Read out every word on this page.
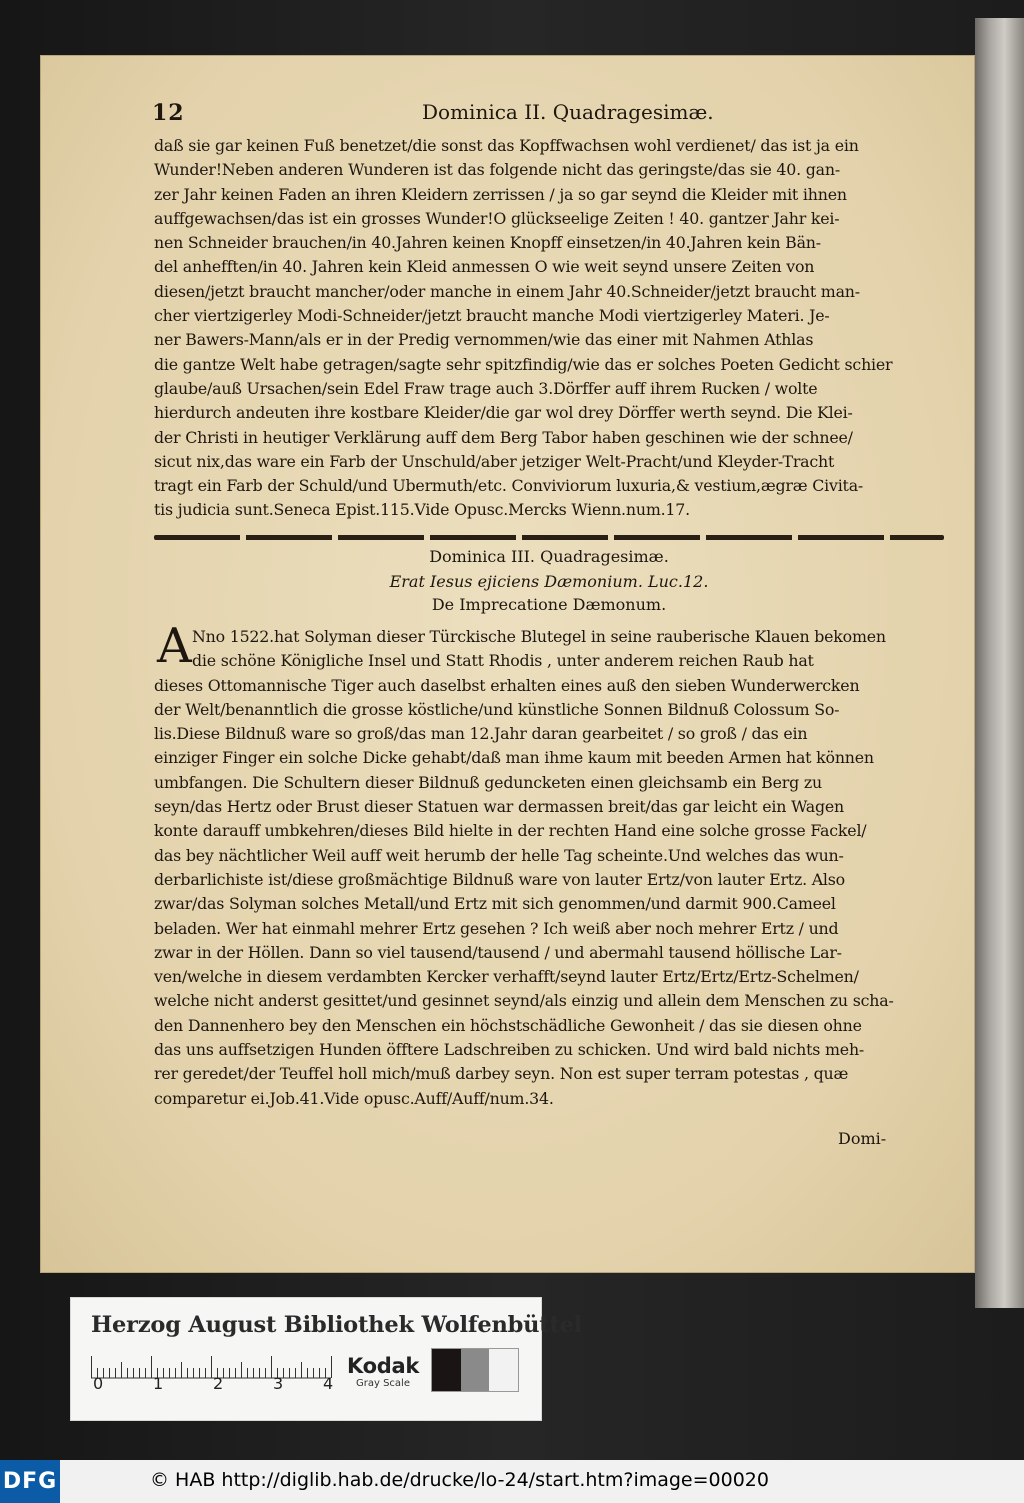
12	Dominica II. Quadragesimæ.
daß sie gar keinen Fuß benetzet/die sonst das Kopffwachsen wohl verdienet/ das ist ja ein
Wunder!Neben anderen Wunderen ist das folgende nicht das geringste/das sie 40. gan-
zer Jahr keinen Faden an ihren Kleidern zerrissen / ja so gar seynd die Kleider mit ihnen
auffgewachsen/das ist ein grosses Wunder!O glückseelige Zeiten ! 40. gantzer Jahr kei-
nen Schneider brauchen/in 40.Jahren keinen Knopff einsetzen/in 40.Jahren kein Bän-
del anhefften/in 40. Jahren kein Kleid anmessen O wie weit seynd unsere Zeiten von
diesen/jetzt braucht mancher/oder manche in einem Jahr 40.Schneider/jetzt braucht man-
cher viertzigerley Modi-Schneider/jetzt braucht manche Modi viertzigerley Materi. Je-
ner Bawers-Mann/als er in der Predig vernommen/wie das einer mit Nahmen Athlas
die gantze Welt habe getragen/sagte sehr spitzfindig/wie das er solches Poeten Gedicht schier
glaube/auß Ursachen/sein Edel Fraw trage auch 3.Dörffer auff ihrem Rucken / wolte
hierdurch andeuten ihre kostbare Kleider/die gar wol drey Dörffer werth seynd. Die Klei-
der Christi in heutiger Verklärung auff dem Berg Tabor haben geschinen wie der schnee/
sicut nix,das ware ein Farb der Unschuld/aber jetziger Welt-Pracht/und Kleyder-Tracht
tragt ein Farb der Schuld/und Ubermuth/etc. Conviviorum luxuria,& vestium,ægræ Civita-
tis judicia sunt.Seneca Epist.115.Vide Opusc.Mercks Wienn.num.17.
Dominica III. Quadragesimæ.
Erat Iesus ejiciens Dæmonium. Luc.12.
De Imprecatione Dæmonum.
A Nno 1522.hat Solyman dieser Türckische Blutegel in seine rauberische Klauen bekomen
die schöne Königliche Insel und Statt Rhodis , unter anderem reichen Raub hat
dieses Ottomannische Tiger auch daselbst erhalten eines auß den sieben Wunderwercken
der Welt/benanntlich die grosse köstliche/und künstliche Sonnen Bildnuß Colossum So-
lis.Diese Bildnuß ware so groß/das man 12.Jahr daran gearbeitet / so groß / das ein
einziger Finger ein solche Dicke gehabt/daß man ihme kaum mit beeden Armen hat können
umbfangen. Die Schultern dieser Bildnuß geduncketen einen gleichsamb ein Berg zu
seyn/das Hertz oder Brust dieser Statuen war dermassen breit/das gar leicht ein Wagen
konte darauff umbkehren/dieses Bild hielte in der rechten Hand eine solche grosse Fackel/
das bey nächtlicher Weil auff weit herumb der helle Tag scheinte.Und welches das wun-
derbarlichiste ist/diese großmächtige Bildnuß ware von lauter Ertz/von lauter Ertz. Also
zwar/das Solyman solches Metall/und Ertz mit sich genommen/und darmit 900.Cameel
beladen. Wer hat einmahl mehrer Ertz gesehen ? Ich weiß aber noch mehrer Ertz / und
zwar in der Höllen. Dann so viel tausend/tausend / und abermahl tausend höllische Lar-
ven/welche in diesem verdambten Kercker verhafft/seynd lauter Ertz/Ertz/Ertz-Schelmen/
welche nicht anderst gesittet/und gesinnet seynd/als einzig und allein dem Menschen zu scha-
den Dannenhero bey den Menschen ein höchstschädliche Gewonheit / das sie diesen ohne
das uns auffsetzigen Hunden öfftere Ladschreiben zu schicken. Und wird bald nichts meh-
rer geredet/der Teuffel holl mich/muß darbey seyn. Non est super terram potestas , quæ
comparetur ei.Job.41.Vide opusc.Auff/Auff/num.34.
Domi-
Herzog August Bibliothek Wolfenbüttel
0	1	2	3 4
Kodak
Gray Scale
DFG	© HAB http://diglib.hab.de/drucke/lo-24/start.htm?image=00020
